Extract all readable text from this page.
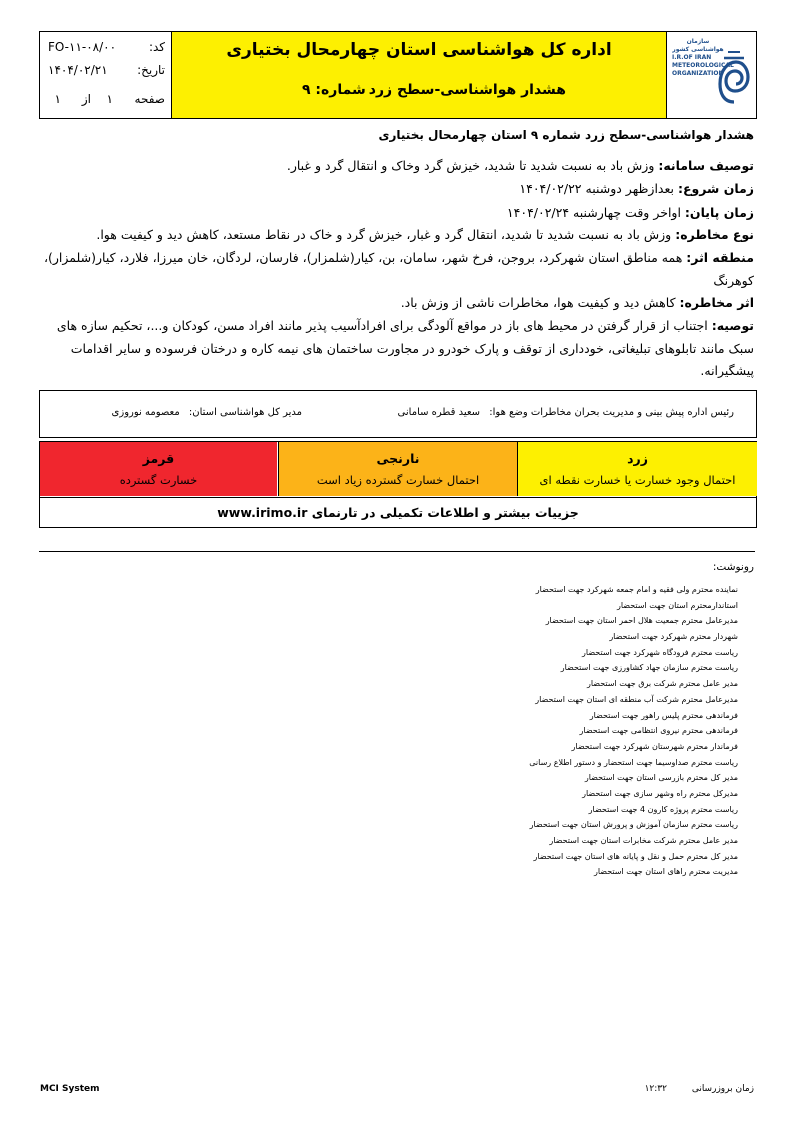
کد:
FO-۱۱-۰۸/۰۰
تاریخ:
۱۴۰۴/۰۲/۲۱
صفحه
۱
از
۱
اداره کل هواشناسی استان چهارمحال بختیاری
هشدار هواشناسی-سطح زرد
شماره: ۹
سازمان هواشناسی کشور
I.R.OF IRAN
METEOROLOGICAL
ORGANIZATION
هشدار هواشناسی-سطح زرد شماره ۹ استان چهارمحال بختیاری
توصیف سامانه: وزش باد به نسبت شدید تا شدید، خیزش گرد وخاک و انتقال گرد و غبار.
زمان شروع: بعدازظهر دوشنبه ۱۴۰۴/۰۲/۲۲
زمان پایان: اواخر وقت چهارشنبه ۱۴۰۴/۰۲/۲۴
نوع مخاطره: وزش باد به نسبت شدید تا شدید، انتقال گرد و غبار، خیزش گرد و خاک در نقاط مستعد، کاهش دید و کیفیت هوا.
منطقه اثر: همه مناطق استان شهرکرد، بروجن، فرخ شهر، سامان، بن، کیار(شلمزار)، فارسان، لردگان، خان میرزا، فلارد، کیار(شلمزار)،
کوهرنگ
اثر مخاطره: کاهش دید و کیفیت هوا، مخاطرات ناشی از وزش باد.
توصیه: اجتناب از قرار گرفتن در محیط های باز در مواقع آلودگی برای افرادآسیب پذیر مانند افراد مسن، کودکان و...، تحکیم سازه های
سبک مانند تابلوهای تبلیغاتی، خودداری از توقف و پارک خودرو در مجاورت ساختمان های نیمه کاره و درختان فرسوده و سایر اقدامات
پیشگیرانه.
رئیس اداره پیش بینی و مدیریت بحران مخاطرات وضع هوا: سعید قطره سامانی
مدیر کل هواشناسی استان: معصومه نوروزی
زرد
احتمال وجود خسارت یا خسارت نقطه ای
نارنجی
احتمال خسارت گسترده زیاد است
قرمز
خسارت گسترده
جزییات بیشتر و اطلاعات تکمیلی در تارنمای www.irimo.ir
رونوشت:
نماینده محترم ولی فقیه و امام جمعه شهرکرد جهت استحضار
استاندارمحترم استان جهت استحضار
مدیرعامل محترم جمعیت هلال احمر استان جهت استحضار
شهردار محترم شهرکرد جهت استحضار
ریاست محترم فرودگاه شهرکرد جهت استحضار
ریاست محترم سازمان جهاد کشاورزی جهت استحضار
مدیر عامل محترم شرکت برق جهت استحضار
مدیرعامل محترم شرکت آب منطقه ای استان جهت استحضار
فرماندهی محترم پلیس راهور جهت استحضار
فرماندهی محترم نیروی انتظامی جهت استحضار
فرماندار محترم شهرستان شهرکرد جهت استحضار
ریاست محترم صداوسیما جهت استحضار و دستور اطلاع رسانی
مدیر کل محترم بازرسی استان جهت استحضار
مدیرکل محترم راه وشهر سازی جهت استحضار
ریاست محترم پروژه کارون 4 جهت استحضار
ریاست محترم سازمان آموزش و پرورش استان جهت استحضار
مدیر عامل محترم شرکت مخابرات استان جهت استحضار
مدیر کل محترم حمل و نقل و پایانه های استان جهت استحضار
مدیریت محترم راهای استان جهت استحضار
MCI System	زمان بروزرسانی ۱۲:۳۲
